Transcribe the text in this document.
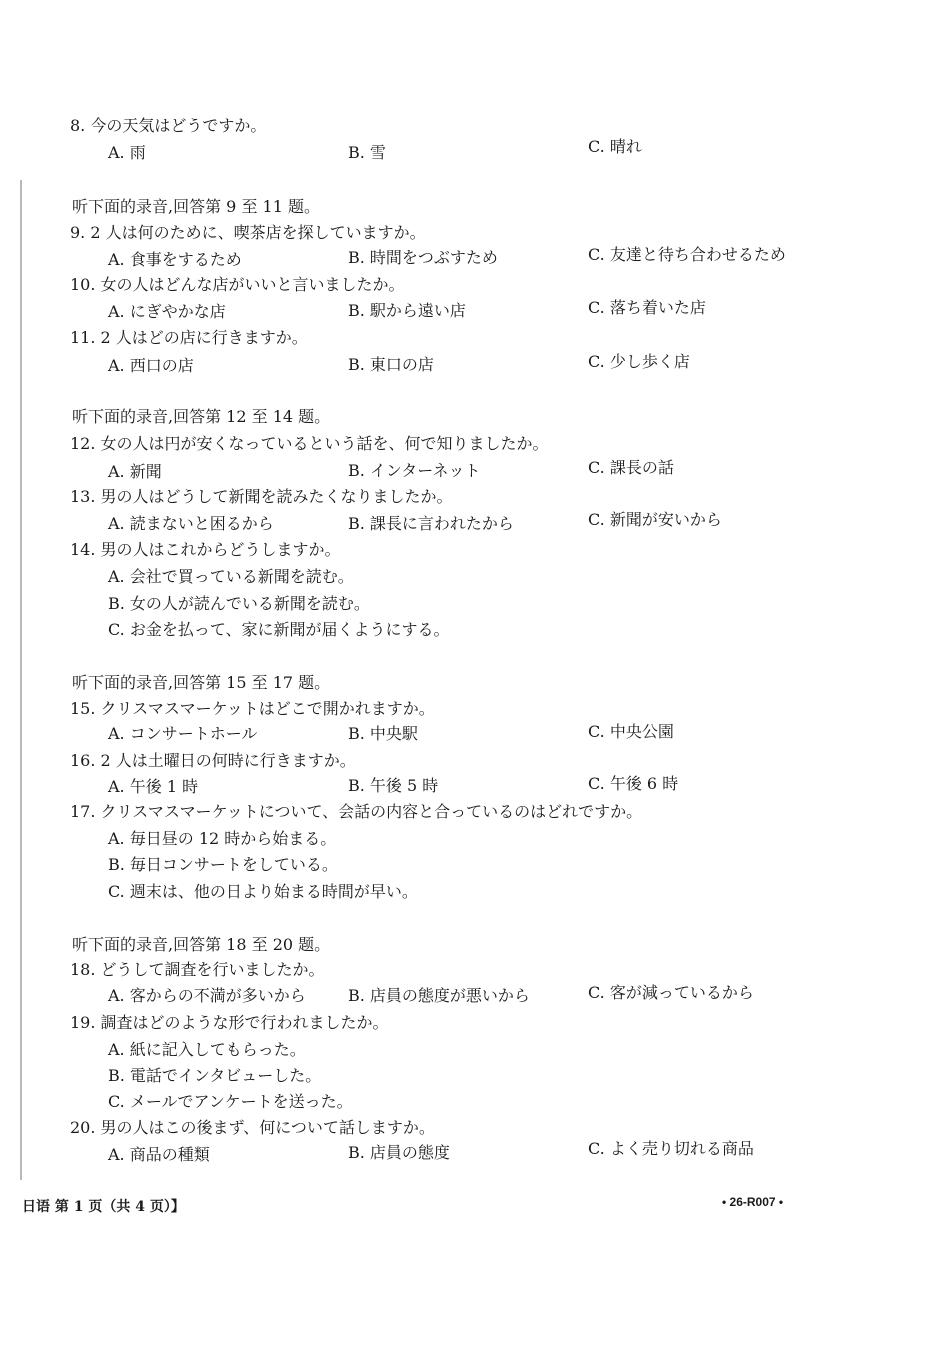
8. 今の天気はどうですか。
A. 雨	B. 雪	C. 晴れ
听下面的录音,回答第 9 至 11 题。
9. 2 人は何のために、喫茶店を探していますか。
A. 食事をするため	B. 時間をつぶすため	C. 友達と待ち合わせるため
10. 女の人はどんな店がいいと言いましたか。
A. にぎやかな店	B. 駅から遠い店	C. 落ち着いた店
11. 2 人はどの店に行きますか。
A. 西口の店	B. 東口の店	C. 少し歩く店
听下面的录音,回答第 12 至 14 题。
12. 女の人は円が安くなっているという話を、何で知りましたか。
A. 新聞	B. インターネット	C. 課長の話
13. 男の人はどうして新聞を読みたくなりましたか。
A. 読まないと困るから	B. 課長に言われたから	C. 新聞が安いから
14. 男の人はこれからどうしますか。
A. 会社で買っている新聞を読む。
B. 女の人が読んでいる新聞を読む。
C. お金を払って、家に新聞が届くようにする。
听下面的录音,回答第 15 至 17 题。
15. クリスマスマーケットはどこで開かれますか。
A. コンサートホール	B. 中央駅	C. 中央公園
16. 2 人は土曜日の何時に行きますか。
A. 午後 1 時	B. 午後 5 時	C. 午後 6 時
17. クリスマスマーケットについて、会話の内容と合っているのはどれですか。
A. 毎日昼の 12 時から始まる。
B. 毎日コンサートをしている。
C. 週末は、他の日より始まる時間が早い。
听下面的录音,回答第 18 至 20 题。
18. どうして調査を行いましたか。
A. 客からの不満が多いから	B. 店員の態度が悪いから	C. 客が減っているから
19. 調査はどのような形で行われましたか。
A. 紙に記入してもらった。
B. 電話でインタビューした。
C. メールでアンケートを送った。
20. 男の人はこの後まず、何について話しますか。
A. 商品の種類	B. 店員の態度	C. よく売り切れる商品
日语 第 1 页（共 4 页）】	• 26-R007 •
